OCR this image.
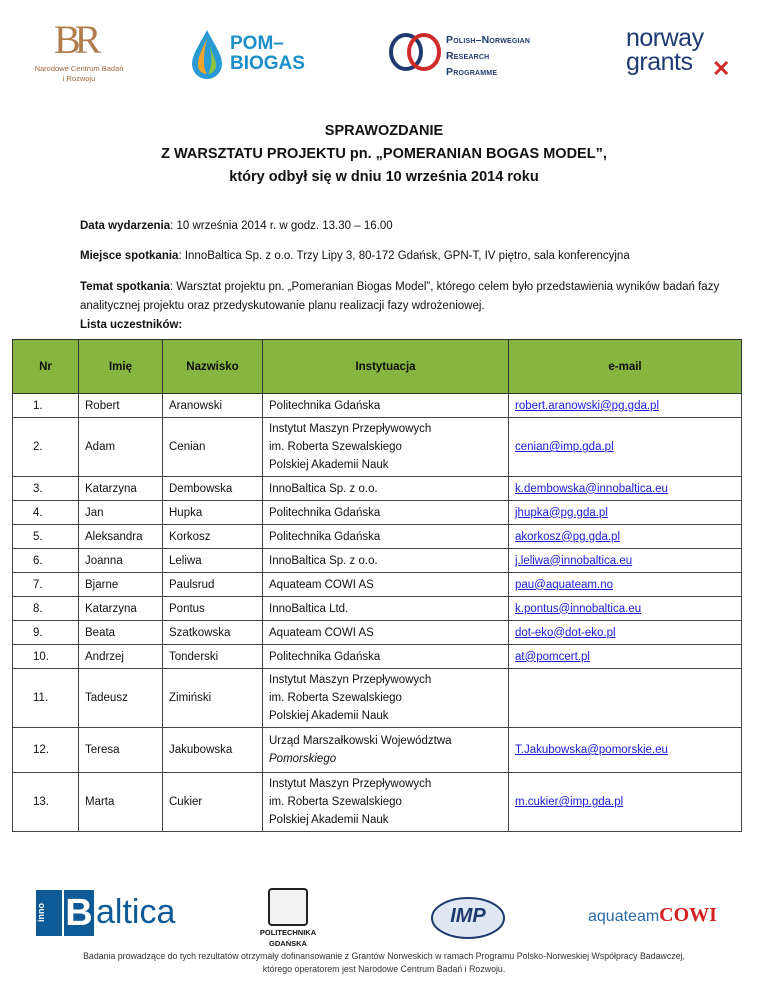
BR
Narodowe Centrum Badań i Rozwoju
POM–
BIOGAS
Polish–Norwegian
Research
Programme
norway
grants ✕
SPRAWOZDANIE
Z WARSZTATU PROJEKTU pn. „POMERANIAN BOGAS MODEL”,
który odbył się w dniu 10 września 2014 roku
Data wydarzenia: 10 września 2014 r. w godz. 13.30 – 16.00
Miejsce spotkania: InnoBaltica Sp. z o.o. Trzy Lipy 3, 80-172 Gdańsk, GPN-T, IV piętro, sala konferencyjna
Temat spotkania: Warsztat projektu pn. „Pomeranian Biogas Model”, którego celem było przedstawienia wyników badań fazy analitycznej projektu oraz przedyskutowanie planu realizacji fazy wdrożeniowej.
Lista uczestników:
Nr	Imię	Nazwisko	Instytuacja	e-mail
1.	Robert	Aranowski	Politechnika Gdańska	robert.aranowski@pg.gda.pl
2.	Adam	Cenian	Instytut Maszyn Przepływowych
im. Roberta Szewalskiego
Polskiej Akademii Nauk	cenian@imp.gda.pl
3.	Katarzyna	Dembowska	InnoBaltica Sp. z o.o.	k.dembowska@innobaltica.eu
4.	Jan	Hupka	Politechnika Gdańska	jhupka@pg.gda.pl
5.	Aleksandra	Korkosz	Politechnika Gdańska	akorkosz@pg.gda.pl
6.	Joanna	Leliwa	InnoBaltica Sp. z o.o.	j.leliwa@innobaltica.eu
7.	Bjarne	Paulsrud	Aquateam COWI AS	pau@aquateam.no
8.	Katarzyna	Pontus	InnoBaltica Ltd.	k.pontus@innobaltica.eu
9.	Beata	Szatkowska	Aquateam COWI AS	dot-eko@dot-eko.pl
10.	Andrzej	Tonderski	Politechnika Gdańska	at@pomcert.pl
11.	Tadeusz	Zimiński	Instytut Maszyn Przepływowych
im. Roberta Szewalskiego
Polskiej Akademii Nauk	

12.	Teresa	Jakubowska	Urząd Marszałkowski Województwa
Pomorskiego	T.Jakubowska@pomorskie.eu
13.	Marta	Cukier	Instytut Maszyn Przepływowych
im. Roberta Szewalskiego
Polskiej Akademii Nauk	m.cukier@imp.gda.pl
inno B altica
POLITECHNIKA
GDAŃSKA
IMP	aquateamCOWI
Badania prowadzące do tych rezultatów otrzymały dofinansowanie z Grantów Norweskich w ramach Programu Polsko-Norweskiej Współpracy Badawczej,
którego operatorem jest Narodowe Centrum Badań i Rozwoju.
